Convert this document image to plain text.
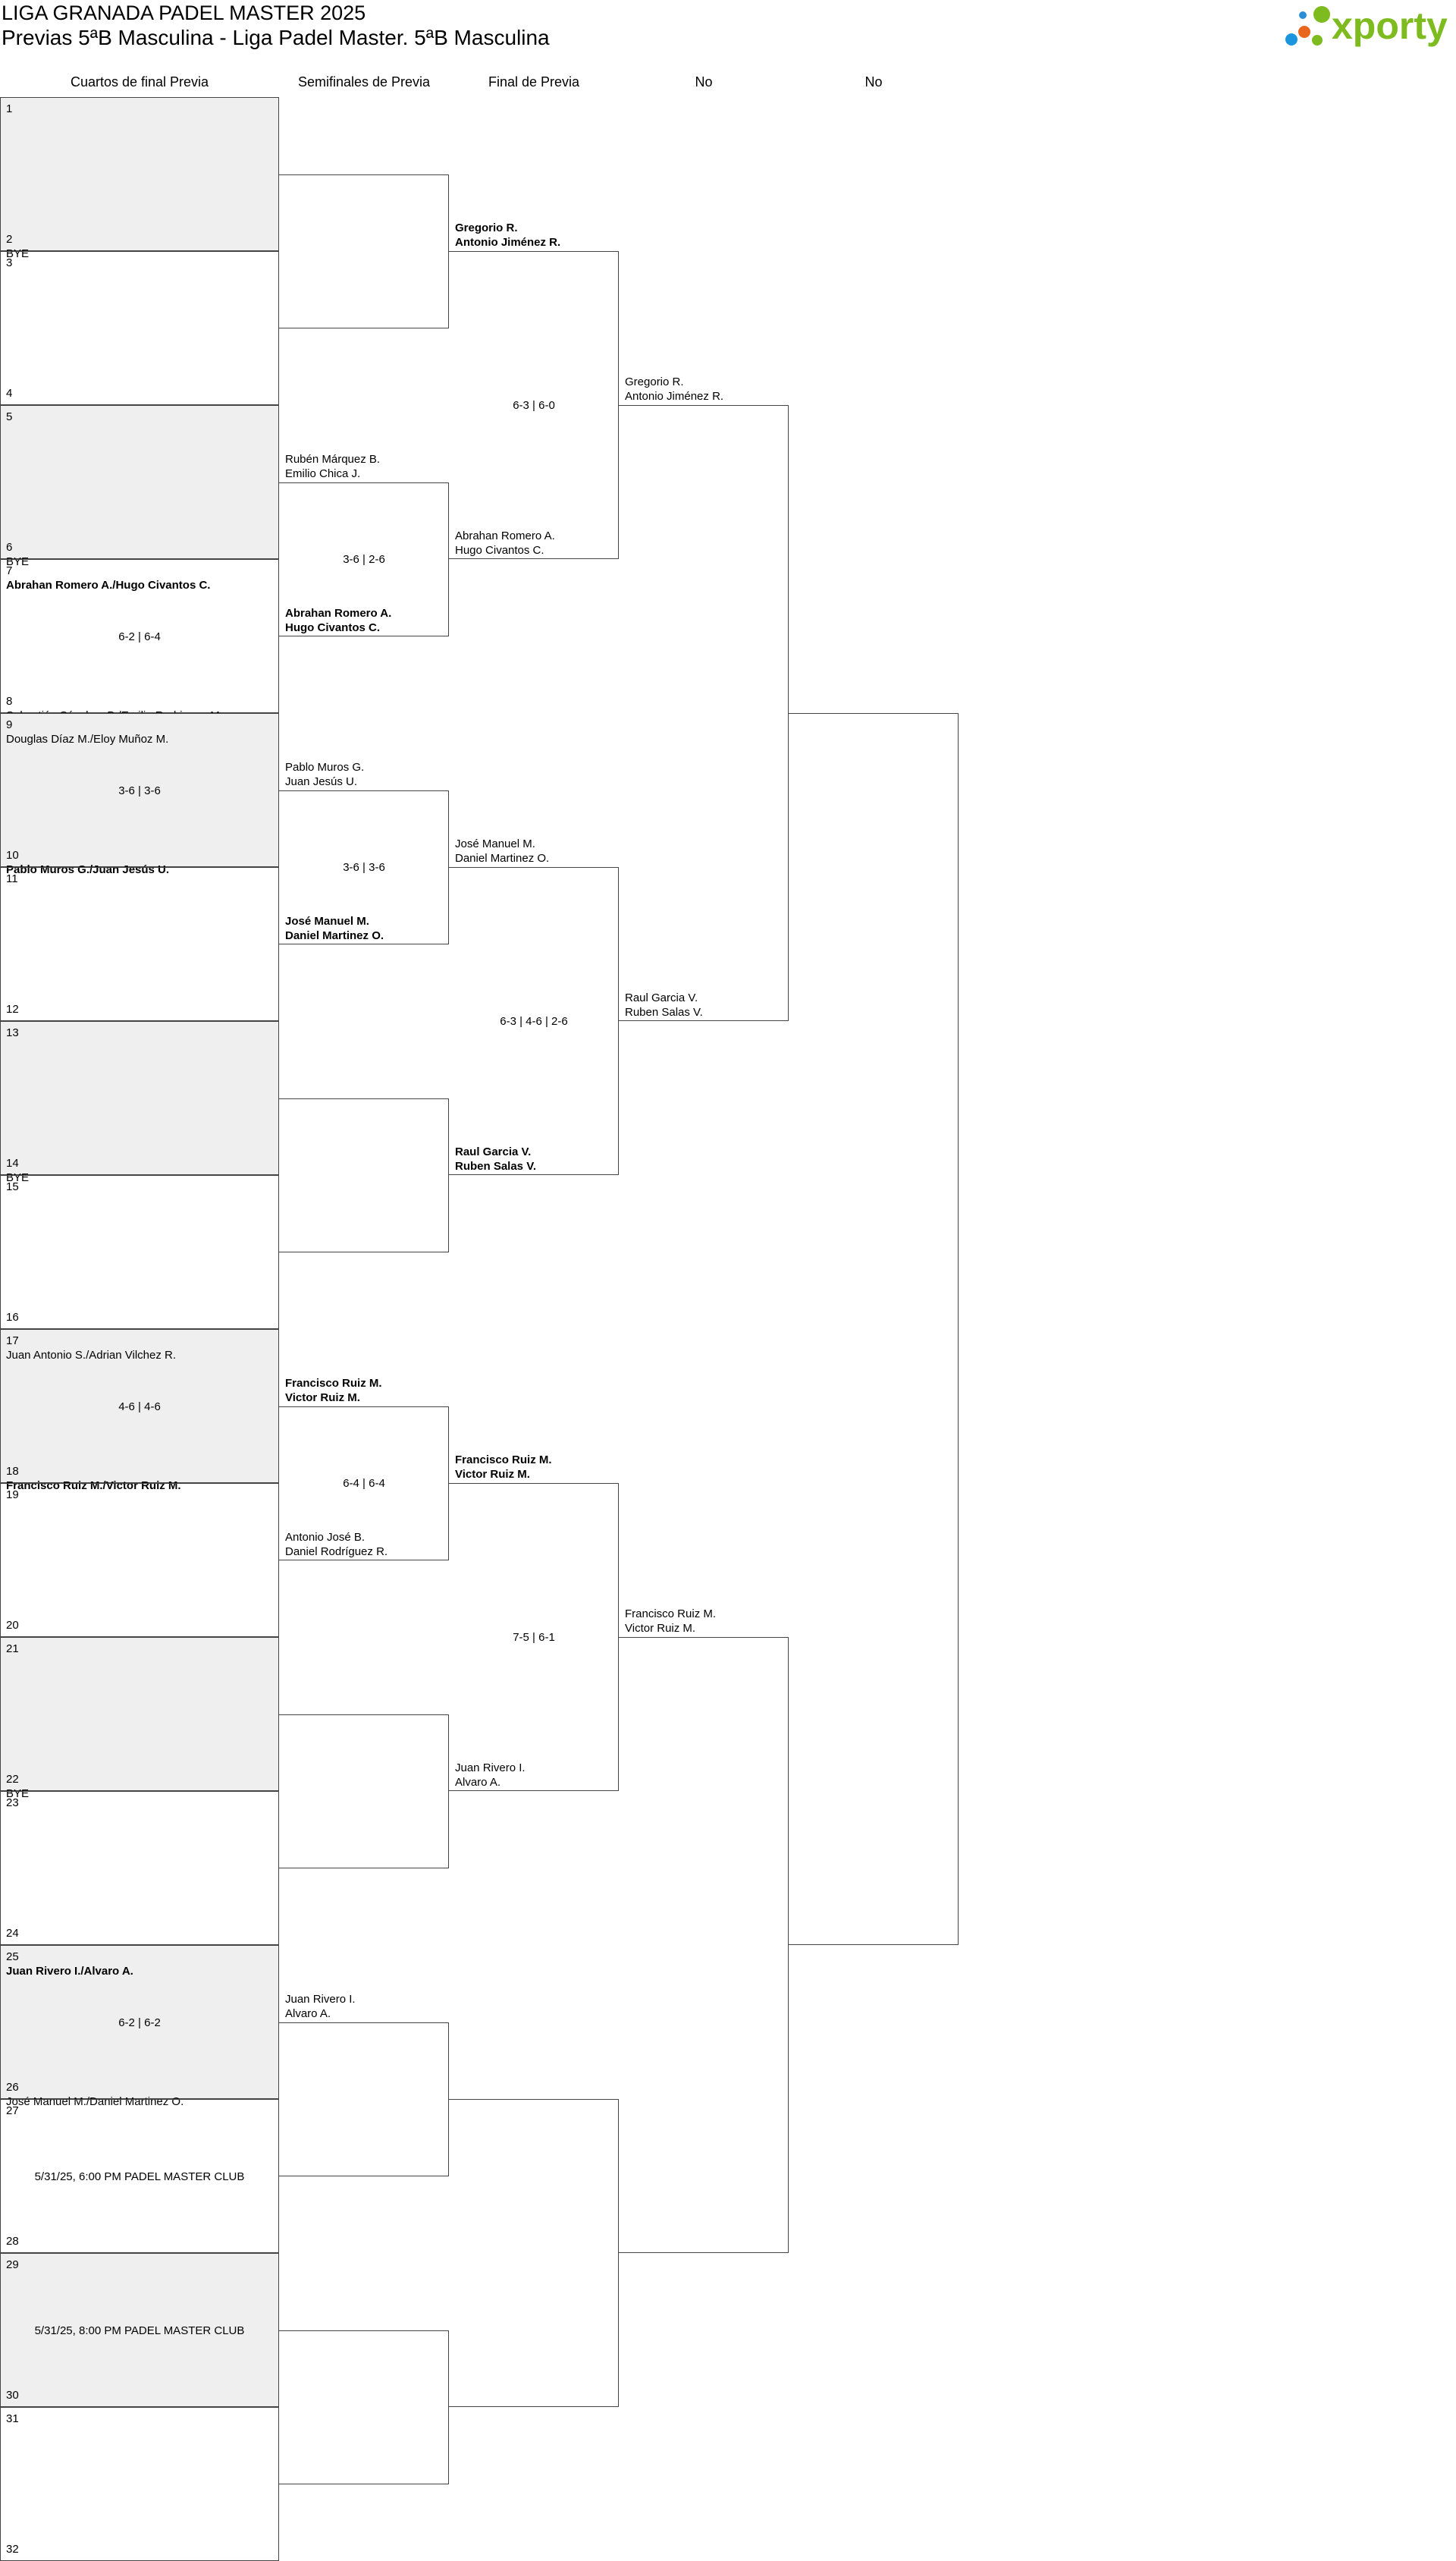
LIGA GRANADA PADEL MASTER 2025
Previas 5ªB Masculina - Liga Padel Master. 5ªB Masculina	xporty
Cuartos de final Previa	Semifinales de Previa	Final de Previa	No	No
1
2
BYE
3
4
5
6
BYE
7
Abrahan Romero A./Hugo Civantos C.
8
6-2 | 6-4
9
Douglas Díaz M./Eloy Muñoz M.
10
Pablo Muros G./Juan Jesús U.
3-6 | 3-6
11
12
13
14
BYE
15
16
17
Juan Antonio S./Adrian Vilchez R.
18
Francisco Ruiz M./Victor Ruiz M.
4-6 | 4-6
19
20
21
22
BYE
23
24
25
Juan Rivero I./Alvaro A.
26
José Manuel M./Daniel Martinez O.
6-2 | 6-2
27
28
5/31/25, 6:00 PM PADEL MASTER CLUB
29
30
5/31/25, 8:00 PM PADEL MASTER CLUB
31
32
Rubén Márquez B.
Emilio Chica J.
Abrahan Romero A.
Hugo Civantos C.
3-6 | 2-6
Pablo Muros G.
Juan Jesús U.
José Manuel M.
Daniel Martinez O.
3-6 | 3-6
Francisco Ruiz M.
Victor Ruiz M.
Antonio José B.
Daniel Rodríguez R.
6-4 | 6-4
Juan Rivero I.
Alvaro A.
Gregorio R.
Antonio Jiménez R.
Abrahan Romero A.
Hugo Civantos C.
6-3 | 6-0
José Manuel M.
Daniel Martinez O.
Raul Garcia V.
Ruben Salas V.
6-3 | 4-6 | 2-6
Francisco Ruiz M.
Victor Ruiz M.
Juan Rivero I.
Alvaro A.
7-5 | 6-1
Gregorio R.
Antonio Jiménez R.
Raul Garcia V.
Ruben Salas V.
Francisco Ruiz M.
Victor Ruiz M.
